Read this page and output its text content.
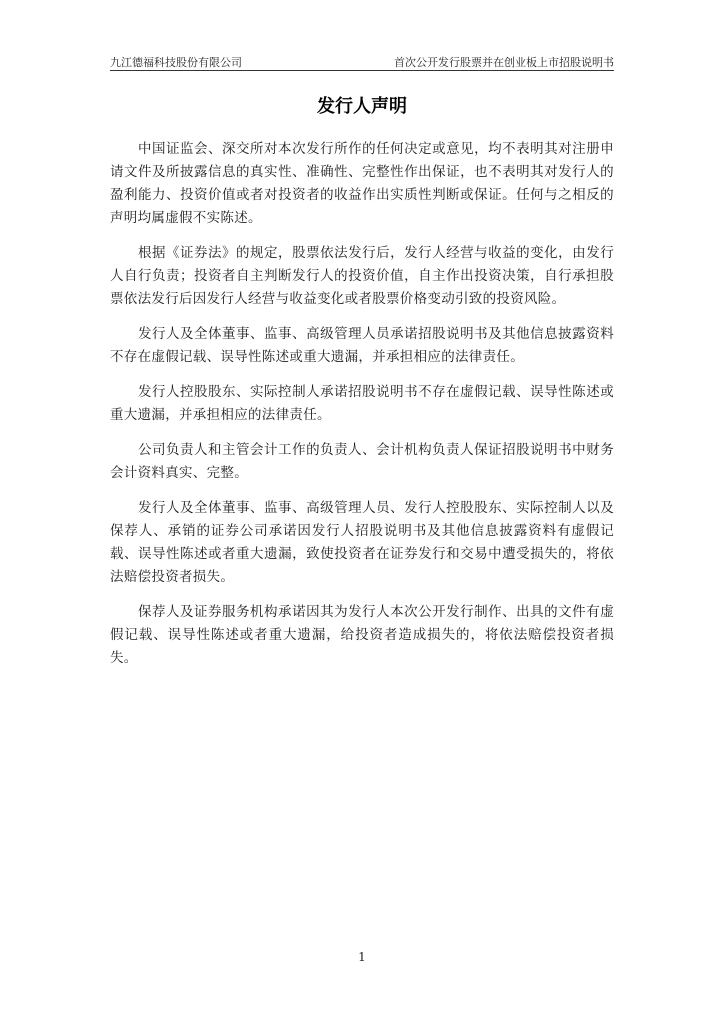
九江德福科技股份有限公司	首次公开发行股票并在创业板上市招股说明书
发行人声明

中国证监会、深交所对本次发行所作的任何决定或意见，均不表明其对注册申请文件及所披露信息的真实性、准确性、完整性作出保证，也不表明其对发行人的盈利能力、投资价值或者对投资者的收益作出实质性判断或保证。任何与之相反的声明均属虚假不实陈述。

根据《证券法》的规定，股票依法发行后，发行人经营与收益的变化，由发行人自行负责；投资者自主判断发行人的投资价值，自主作出投资决策，自行承担股票依法发行后因发行人经营与收益变化或者股票价格变动引致的投资风险。

发行人及全体董事、监事、高级管理人员承诺招股说明书及其他信息披露资料不存在虚假记载、误导性陈述或重大遗漏，并承担相应的法律责任。

发行人控股股东、实际控制人承诺招股说明书不存在虚假记载、误导性陈述或重大遗漏，并承担相应的法律责任。

公司负责人和主管会计工作的负责人、会计机构负责人保证招股说明书中财务会计资料真实、完整。

发行人及全体董事、监事、高级管理人员、发行人控股股东、实际控制人以及保荐人、承销的证券公司承诺因发行人招股说明书及其他信息披露资料有虚假记载、误导性陈述或者重大遗漏，致使投资者在证券发行和交易中遭受损失的，将依法赔偿投资者损失。

保荐人及证券服务机构承诺因其为发行人本次公开发行制作、出具的文件有虚假记载、误导性陈述或者重大遗漏，给投资者造成损失的，将依法赔偿投资者损失。

1
